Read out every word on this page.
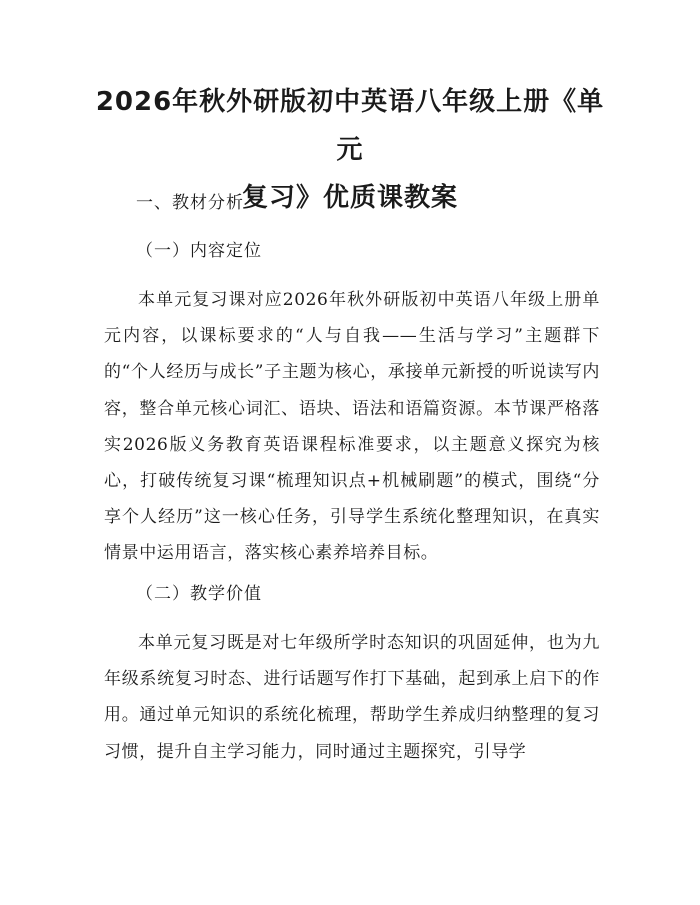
2026年秋外研版初中英语八年级上册《单元
复习》优质课教案

一、教材分析

（一）内容定位

本单元复习课对应2026年秋外研版初中英语八年级上册单元内容，以课标要求的“人与自我——生活与学习”主题群下的“个人经历与成长”子主题为核心，承接单元新授的听说读写内容，整合单元核心词汇、语块、语法和语篇资源。本节课严格落实2026版义务教育英语课程标准要求，以主题意义探究为核心，打破传统复习课“梳理知识点+机械刷题”的模式，围绕“分享个人经历”这一核心任务，引导学生系统化整理知识，在真实情景中运用语言，落实核心素养培养目标。

（二）教学价值

本单元复习既是对七年级所学时态知识的巩固延伸，也为九年级系统复习时态、进行话题写作打下基础，起到承上启下的作用。通过单元知识的系统化梳理，帮助学生养成归纳整理的复习习惯，提升自主学习能力，同时通过主题探究，引导学
